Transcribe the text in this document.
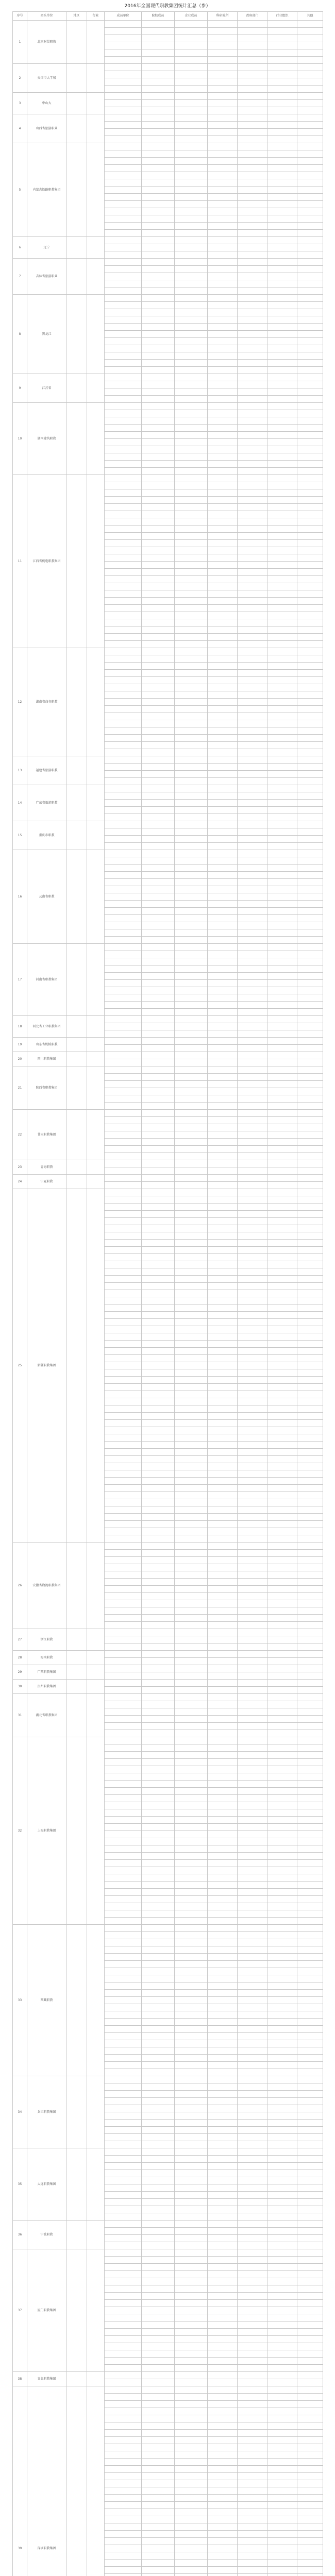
2016年全国现代职教集团统计汇总（参）
序号	牵头单位	地区	行业	成员单位	院校成员	企业成员	科研院所	政府部门	行业组织	其他
1	北京财贸职教									

2	天津市大学城									

3	中山大									

4	山西省旅游职业									

5	内蒙古铁路职教集团									

6	辽宁									

7	吉林省旅游职业									

8	黑龙江									

9	江苏省									

10	湖南建筑职教									

11	江西省机电职教集团									

12	湖南省商务职教									

13	福建省旅游职教									

14	广东省旅游职教									

15	重庆市职教									

16	云南省职教									

17	河南省职教集团									

18	河北省工业职教集团									

19	山东省机械职教									

20	四川职教集团									

21	陕西省职教集团									

22	甘肃职教集团									

23	青海职教									

24	宁夏职教									

25	新疆职教集团									

26	安徽省物流职教集团									

27	浙江职教									

28	海南职教									

29	广西职教集团									

30	贵州职教集团									

31	湖北省职教集团									

32	上海职教集团									

33	西藏职教									

34	兵团职教集团									

35	大连职教集团									

36	宁波职教									

37	厦门职教集团									

38	青岛职教集团									

39	深圳职教集团									
